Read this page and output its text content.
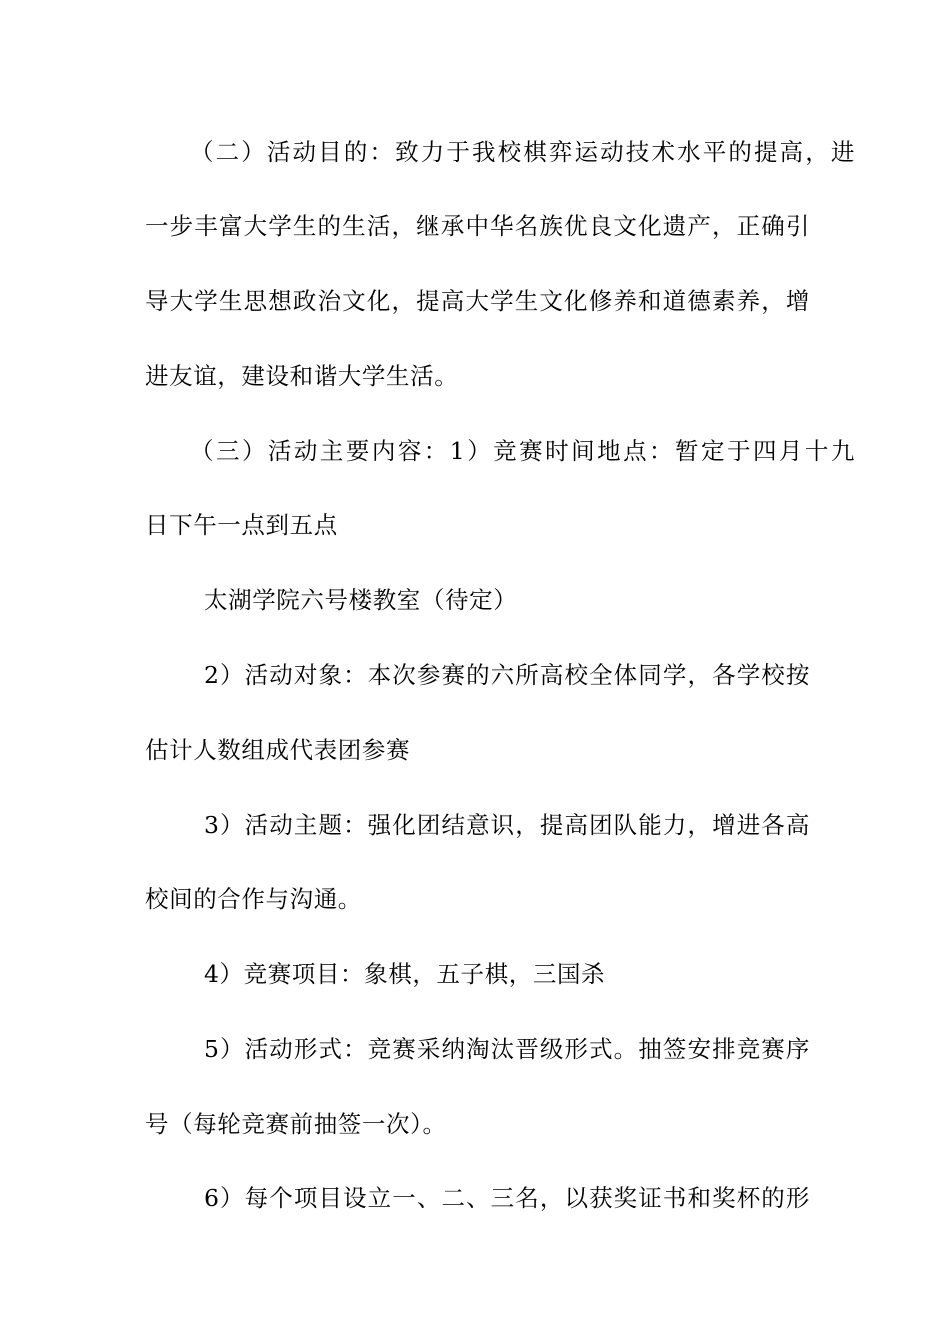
（二）活动目的：致力于我校棋弈运动技术水平的提高，进
一步丰富大学生的生活，继承中华名族优良文化遗产，正确引
导大学生思想政治文化，提高大学生文化修养和道德素养，增
进友谊，建设和谐大学生活。
（三）活动主要内容：1）竞赛时间地点：暂定于四月十九
日下午一点到五点
太湖学院六号楼教室（待定）
2）活动对象：本次参赛的六所高校全体同学，各学校按
估计人数组成代表团参赛
3）活动主题：强化团结意识，提高团队能力，增进各高
校间的合作与沟通。
4）竞赛项目：象棋，五子棋，三国杀
5）活动形式：竞赛采纳淘汰晋级形式。抽签安排竞赛序
号（每轮竞赛前抽签一次）。
6）每个项目设立一、二、三名，以获奖证书和奖杯的形
